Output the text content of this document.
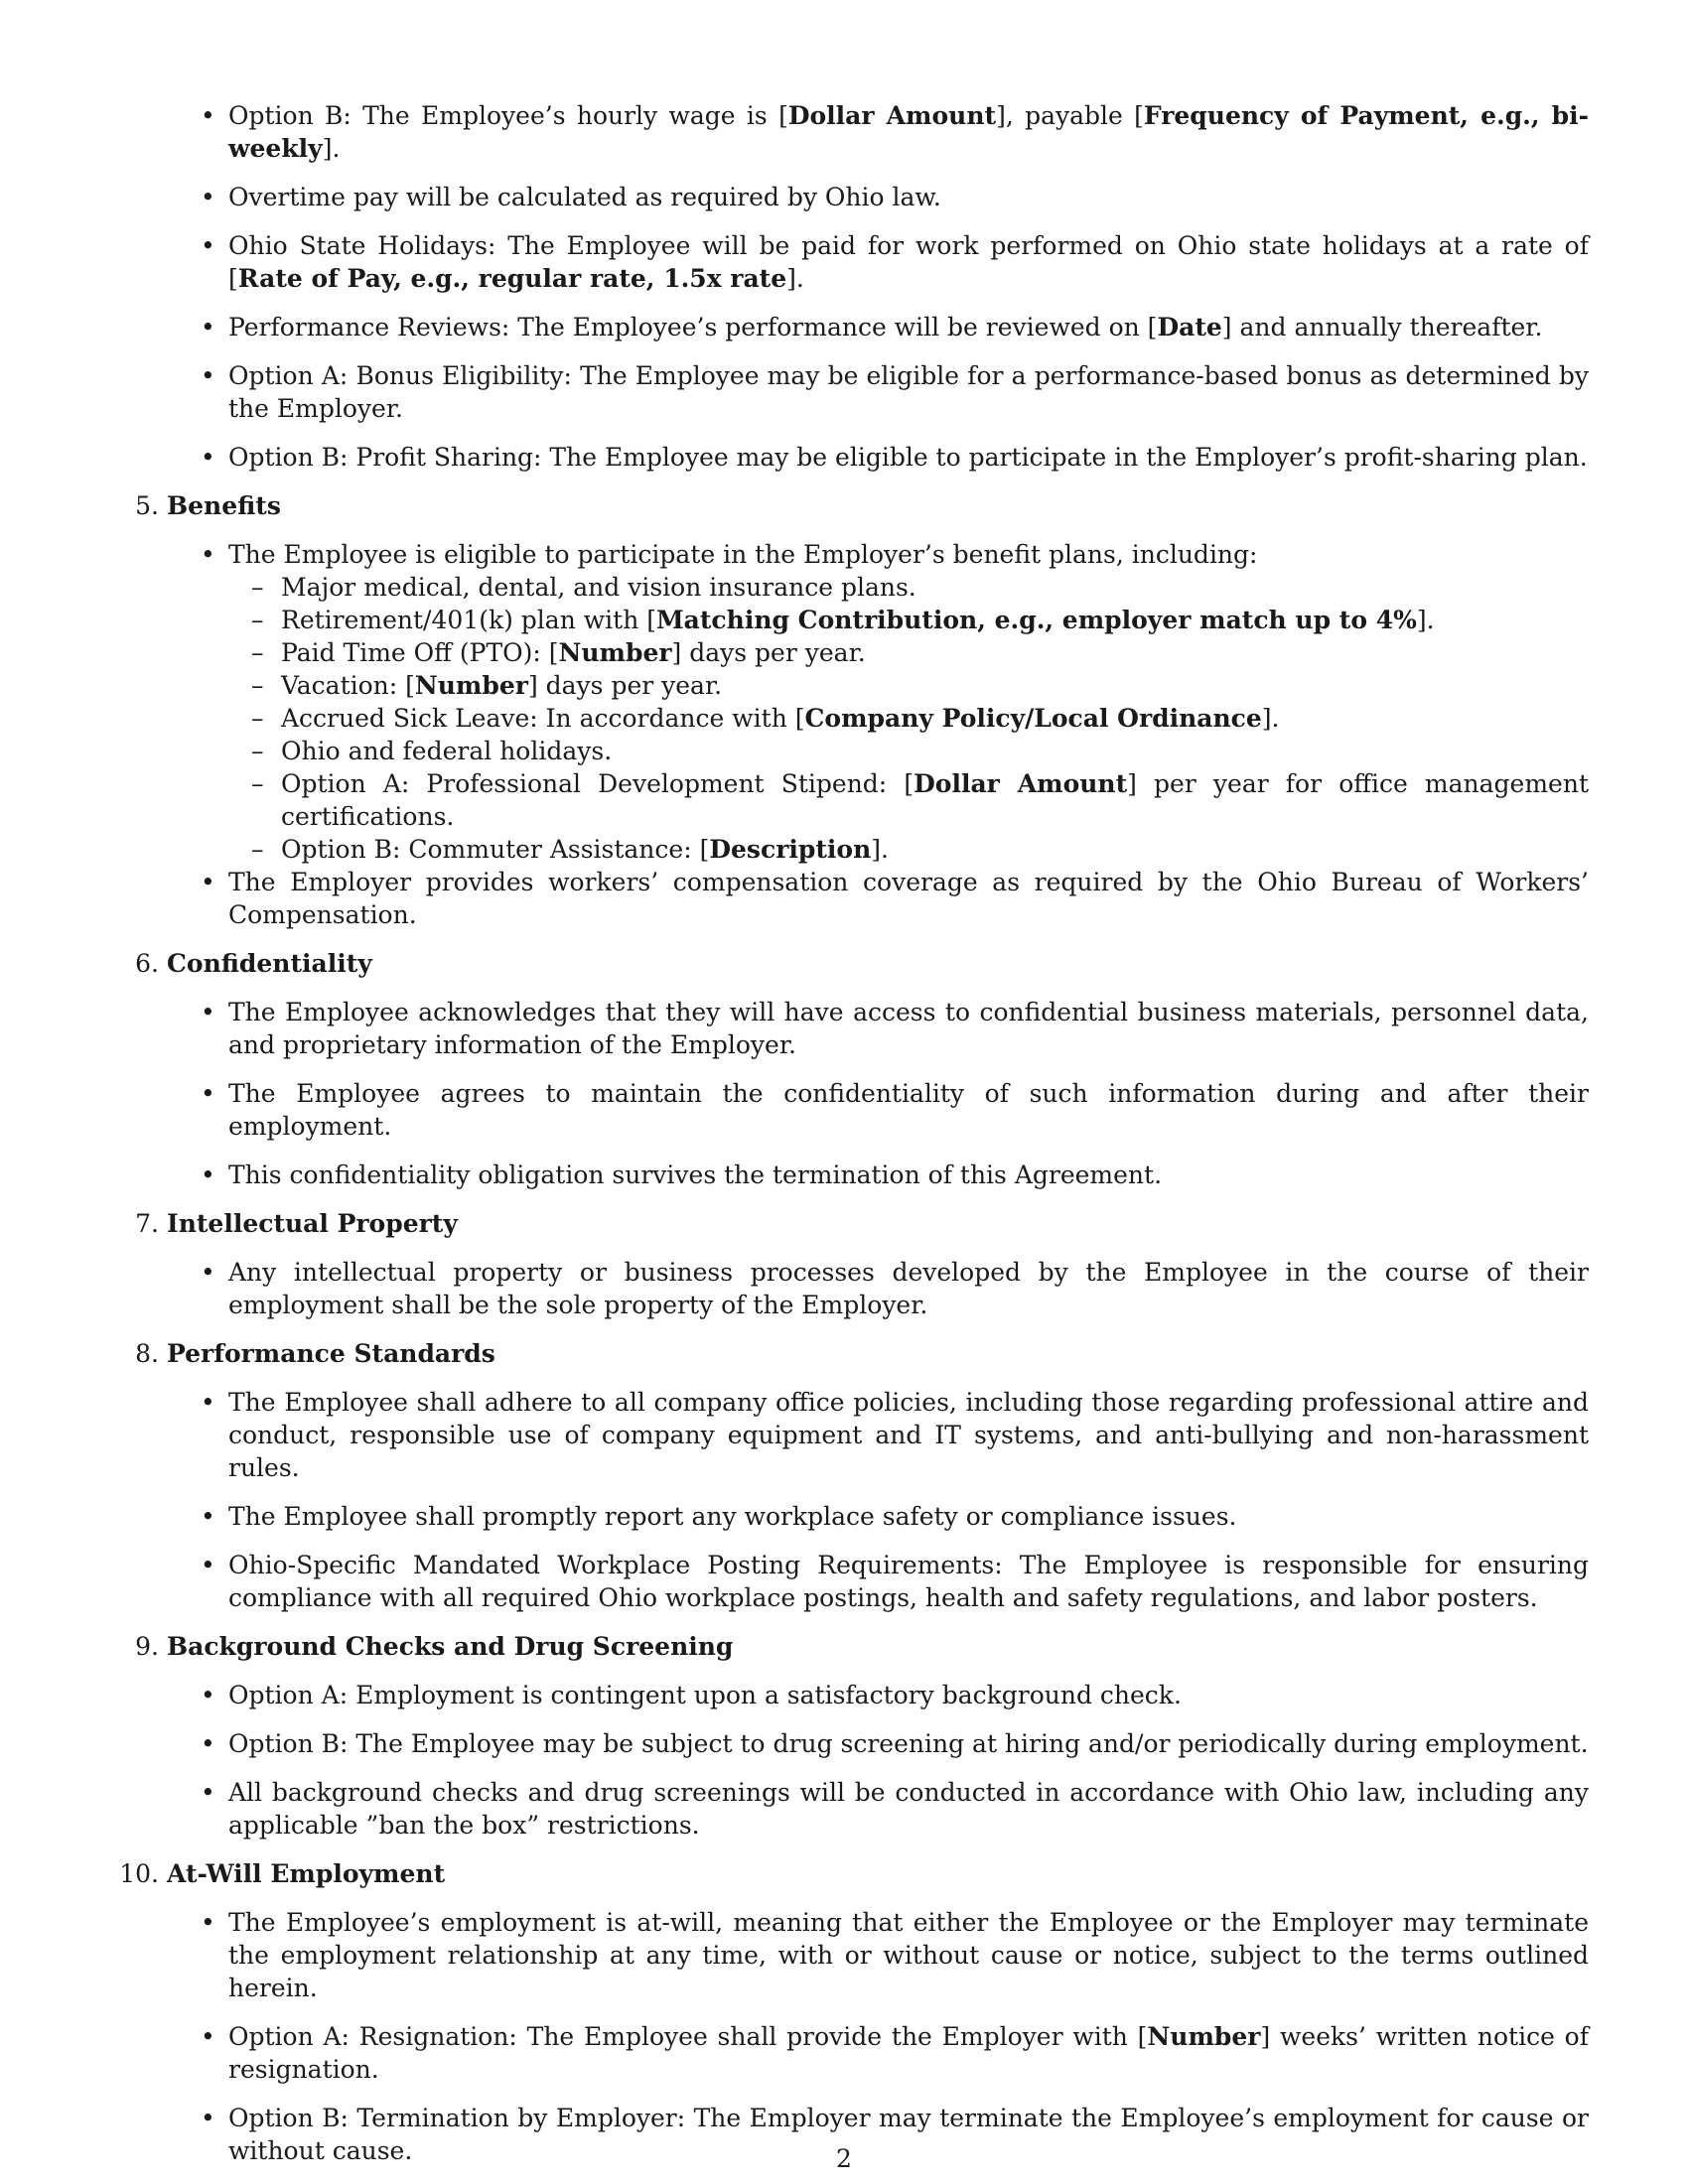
• Option B: The Employee’s hourly wage is [Dollar Amount], payable [Frequency of Payment, e.g., bi-weekly].
• Overtime pay will be calculated as required by Ohio law.
• Ohio State Holidays: The Employee will be paid for work performed on Ohio state holidays at a rate of [Rate of Pay, e.g., regular rate, 1.5x rate].
• Performance Reviews: The Employee’s performance will be reviewed on [Date] and annually thereafter.
• Option A: Bonus Eligibility: The Employee may be eligible for a performance-based bonus as determined by the Employer.
• Option B: Profit Sharing: The Employee may be eligible to participate in the Employer’s profit-sharing plan.
5. Benefits
• The Employee is eligible to participate in the Employer’s benefit plans, including:
– Major medical, dental, and vision insurance plans.
– Retirement/401(k) plan with [Matching Contribution, e.g., employer match up to 4%].
– Paid Time Off (PTO): [Number] days per year.
– Vacation: [Number] days per year.
– Accrued Sick Leave: In accordance with [Company Policy/Local Ordinance].
– Ohio and federal holidays.
– Option A: Professional Development Stipend: [Dollar Amount] per year for office management certifications.
– Option B: Commuter Assistance: [Description].
• The Employer provides workers’ compensation coverage as required by the Ohio Bureau of Workers’ Compensation.
6. Confidentiality
• The Employee acknowledges that they will have access to confidential business materials, personnel data, and proprietary information of the Employer.
• The Employee agrees to maintain the confidentiality of such information during and after their employment.
• This confidentiality obligation survives the termination of this Agreement.
7. Intellectual Property
• Any intellectual property or business processes developed by the Employee in the course of their employment shall be the sole property of the Employer.
8. Performance Standards
• The Employee shall adhere to all company office policies, including those regarding professional attire and conduct, responsible use of company equipment and IT systems, and anti-bullying and non-harassment rules.
• The Employee shall promptly report any workplace safety or compliance issues.
• Ohio-Specific Mandated Workplace Posting Requirements: The Employee is responsible for ensuring compliance with all required Ohio workplace postings, health and safety regulations, and labor posters.
9. Background Checks and Drug Screening
• Option A: Employment is contingent upon a satisfactory background check.
• Option B: The Employee may be subject to drug screening at hiring and/or periodically during employment.
• All background checks and drug screenings will be conducted in accordance with Ohio law, including any applicable ”ban the box” restrictions.
10. At-Will Employment
• The Employee’s employment is at-will, meaning that either the Employee or the Employer may terminate the employment relationship at any time, with or without cause or notice, subject to the terms outlined herein.
• Option A: Resignation: The Employee shall provide the Employer with [Number] weeks’ written notice of resignation.
• Option B: Termination by Employer: The Employer may terminate the Employee’s employment for cause or without cause.	2
